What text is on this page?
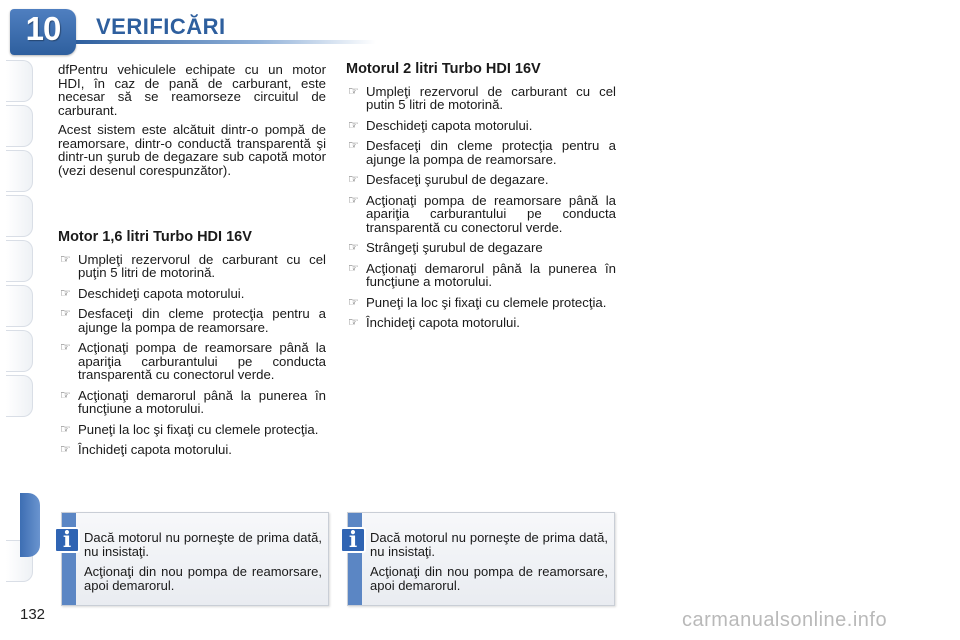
10	VERIFICĂRI

dfPentru vehiculele echipate cu un motor HDI, în caz de pană de carburant, este necesar să se reamorseze circuitul de carburant.

Acest sistem este alcătuit dintr-o pompă de reamorsare, dintr-o conductă transparentă şi dintr-un şurub de degazare sub capotă motor (vezi desenul corespunzător).

Motor 1,6 litri Turbo HDI 16V
☞ Umpleţi rezervorul de carburant cu cel puţin 5 litri de motorină.
☞ Deschideţi capota motorului.
☞ Desfaceţi din cleme protecţia pentru a ajunge la pompa de reamorsare.
☞ Acţionaţi pompa de reamorsare până la apariţia carburantului pe conducta transparentă cu conectorul verde.
☞ Acţionaţi demarorul până la punerea în funcţiune a motorului.
☞ Puneţi la loc şi fixaţi cu clemele protecţia.
☞ Închideţi capota motorului.
Motorul 2 litri Turbo HDI 16V
☞ Umpleţi rezervorul de carburant cu cel putin 5 litri de motorină.
☞ Deschideţi capota motorului.
☞ Desfaceţi din cleme protecţia pentru a ajunge la pompa de reamorsare.
☞ Desfaceţi şurubul de degazare.
☞ Acţionaţi pompa de reamorsare până la apariţia carburantului pe conducta transparentă cu conectorul verde.
☞ Strângeţi şurubul de degazare
☞ Acţionaţi demarorul până la punerea în funcţiune a motorului.
☞ Puneţi la loc şi fixaţi cu clemele protecţia.
☞ Închideţi capota motorului.
i Dacă motorul nu porneşte de prima dată, nu insistaţi.

Acţionaţi din nou pompa de reamorsare, apoi demarorul.

i Dacă motorul nu porneşte de prima dată, nu insistaţi.

Acţionaţi din nou pompa de reamorsare, apoi demarorul.

132	carmanualsonline.info
